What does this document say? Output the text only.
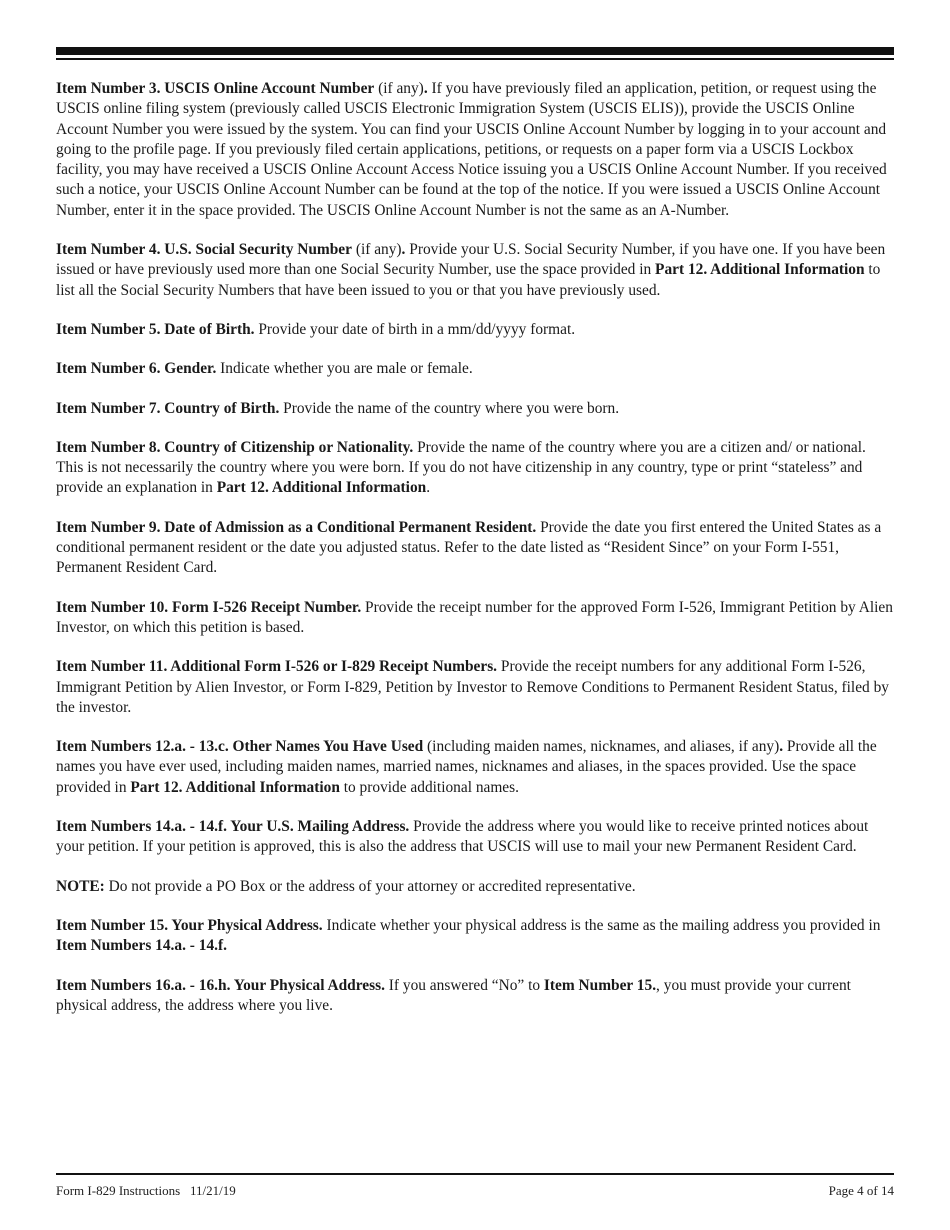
Item Number 3. USCIS Online Account Number (if any). If you have previously filed an application, petition, or request using the USCIS online filing system (previously called USCIS Electronic Immigration System (USCIS ELIS)), provide the USCIS Online Account Number you were issued by the system. You can find your USCIS Online Account Number by logging in to your account and going to the profile page. If you previously filed certain applications, petitions, or requests on a paper form via a USCIS Lockbox facility, you may have received a USCIS Online Account Access Notice issuing you a USCIS Online Account Number. If you received such a notice, your USCIS Online Account Number can be found at the top of the notice. If you were issued a USCIS Online Account Number, enter it in the space provided. The USCIS Online Account Number is not the same as an A-Number.

Item Number 4. U.S. Social Security Number (if any). Provide your U.S. Social Security Number, if you have one. If you have been issued or have previously used more than one Social Security Number, use the space provided in Part 12. Additional Information to list all the Social Security Numbers that have been issued to you or that you have previously used.

Item Number 5. Date of Birth. Provide your date of birth in a mm/dd/yyyy format.

Item Number 6. Gender. Indicate whether you are male or female.

Item Number 7. Country of Birth. Provide the name of the country where you were born.

Item Number 8. Country of Citizenship or Nationality. Provide the name of the country where you are a citizen and/ or national. This is not necessarily the country where you were born. If you do not have citizenship in any country, type or print “stateless” and provide an explanation in Part 12. Additional Information.

Item Number 9. Date of Admission as a Conditional Permanent Resident. Provide the date you first entered the United States as a conditional permanent resident or the date you adjusted status. Refer to the date listed as “Resident Since” on your Form I-551, Permanent Resident Card.

Item Number 10. Form I-526 Receipt Number. Provide the receipt number for the approved Form I-526, Immigrant Petition by Alien Investor, on which this petition is based.

Item Number 11. Additional Form I-526 or I-829 Receipt Numbers. Provide the receipt numbers for any additional Form I-526, Immigrant Petition by Alien Investor, or Form I-829, Petition by Investor to Remove Conditions to Permanent Resident Status, filed by the investor.

Item Numbers 12.a. - 13.c. Other Names You Have Used (including maiden names, nicknames, and aliases, if any). Provide all the names you have ever used, including maiden names, married names, nicknames and aliases, in the spaces provided. Use the space provided in Part 12. Additional Information to provide additional names.

Item Numbers 14.a. - 14.f. Your U.S. Mailing Address. Provide the address where you would like to receive printed notices about your petition. If your petition is approved, this is also the address that USCIS will use to mail your new Permanent Resident Card.

NOTE: Do not provide a PO Box or the address of your attorney or accredited representative.

Item Number 15. Your Physical Address. Indicate whether your physical address is the same as the mailing address you provided in Item Numbers 14.a. - 14.f.

Item Numbers 16.a. - 16.h. Your Physical Address. If you answered “No” to Item Number 15., you must provide your current physical address, the address where you live.

Form I-829 Instructions   11/21/19	Page 4 of 14
